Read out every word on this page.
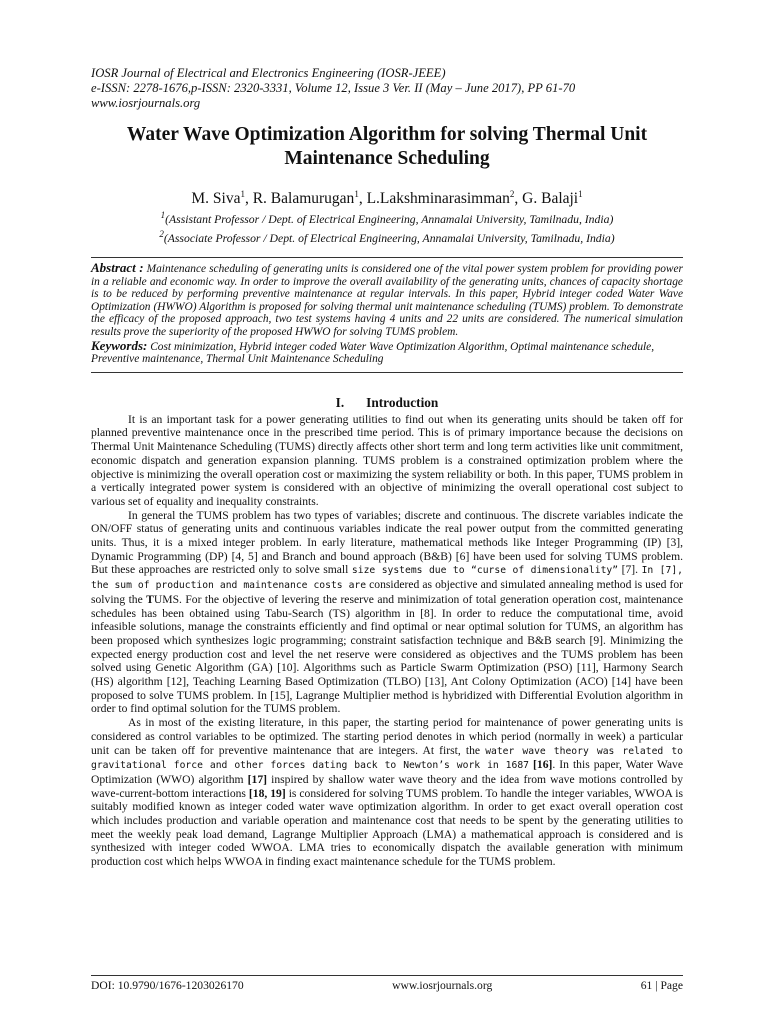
IOSR Journal of Electrical and Electronics Engineering (IOSR-JEEE)
e-ISSN: 2278-1676,p-ISSN: 2320-3331, Volume 12, Issue 3 Ver. II (May – June 2017), PP 61-70
www.iosrjournals.org
Water Wave Optimization Algorithm for solving Thermal Unit
Maintenance Scheduling
M. Siva$^1$, R. Balamurugan$^1$, L.Lakshminarasimman$^2$, G. Balaji$^1$
$^1$(Assistant Professor / Dept. of Electrical Engineering, Annamalai University, Tamilnadu, India)
$^2$(Associate Professor / Dept. of Electrical Engineering, Annamalai University, Tamilnadu, India)
Abstract : Maintenance scheduling of generating units is considered one of the vital power system problem for providing power in a reliable and economic way. In order to improve the overall availability of the generating units, chances of capacity shortage is to be reduced by performing preventive maintenance at regular intervals. In this paper, Hybrid integer coded Water Wave Optimization (HWWO) Algorithm is proposed for solving thermal unit maintenance scheduling (TUMS) problem. To demonstrate the efficacy of the proposed approach, two test systems having 4 units and 22 units are considered. The numerical simulation results prove the superiority of the proposed HWWO for solving TUMS problem.
Keywords: Cost minimization, Hybrid integer coded Water Wave Optimization Algorithm, Optimal maintenance schedule, Preventive maintenance, Thermal Unit Maintenance Scheduling
I. Introduction

It is an important task for a power generating utilities to find out when its generating units should be taken off for planned preventive maintenance once in the prescribed time period. This is of primary importance because the decisions on Thermal Unit Maintenance Scheduling (TUMS) directly affects other short term and long term activities like unit commitment, economic dispatch and generation expansion planning. TUMS problem is a constrained optimization problem where the objective is minimizing the overall operation cost or maximizing the system reliability or both. In this paper, TUMS problem in a vertically integrated power system is considered with an objective of minimizing the overall operational cost subject to various set of equality and inequality constraints.

In general the TUMS problem has two types of variables; discrete and continuous. The discrete variables indicate the ON/OFF status of generating units and continuous variables indicate the real power output from the committed generating units. Thus, it is a mixed integer problem. In early literature, mathematical methods like Integer Programming (IP) [3], Dynamic Programming (DP) [4, 5] and Branch and bound approach (B&B) [6] have been used for solving TUMS problem. But these approaches are restricted only to solve small size systems due to “curse of dimensionality” [7]. In [7], the sum of production and maintenance costs are considered as objective and simulated annealing method is used for solving the TUMS. For the objective of levering the reserve and minimization of total generation operation cost, maintenance schedules has been obtained using Tabu-Search (TS) algorithm in [8]. In order to reduce the computational time, avoid infeasible solutions, manage the constraints efficiently and find optimal or near optimal solution for TUMS, an algorithm has been proposed which synthesizes logic programming; constraint satisfaction technique and B&B search [9]. Minimizing the expected energy production cost and level the net reserve were considered as objectives and the TUMS problem has been solved using Genetic Algorithm (GA) [10]. Algorithms such as Particle Swarm Optimization (PSO) [11], Harmony Search (HS) algorithm [12], Teaching Learning Based Optimization (TLBO) [13], Ant Colony Optimization (ACO) [14] have been proposed to solve TUMS problem. In [15], Lagrange Multiplier method is hybridized with Differential Evolution algorithm in order to find optimal solution for the TUMS problem.

As in most of the existing literature, in this paper, the starting period for maintenance of power generating units is considered as control variables to be optimized. The starting period denotes in which period (normally in week) a particular unit can be taken off for preventive maintenance that are integers. At first, the water wave theory was related to gravitational force and other forces dating back to Newton’s work in 1687 [16]. In this paper, Water Wave Optimization (WWO) algorithm [17] inspired by shallow water wave theory and the idea from wave motions controlled by wave-current-bottom interactions [18, 19] is considered for solving TUMS problem. To handle the integer variables, WWOA is suitably modified known as integer coded water wave optimization algorithm. In order to get exact overall operation cost which includes production and variable operation and maintenance cost that needs to be spent by the generating utilities to meet the weekly peak load demand, Lagrange Multiplier Approach (LMA) a mathematical approach is considered and is synthesized with integer coded WWOA. LMA tries to economically dispatch the available generation with minimum production cost which helps WWOA in finding exact maintenance schedule for the TUMS problem.

DOI: 10.9790/1676-1203026170	www.iosrjournals.org	61 | Page
